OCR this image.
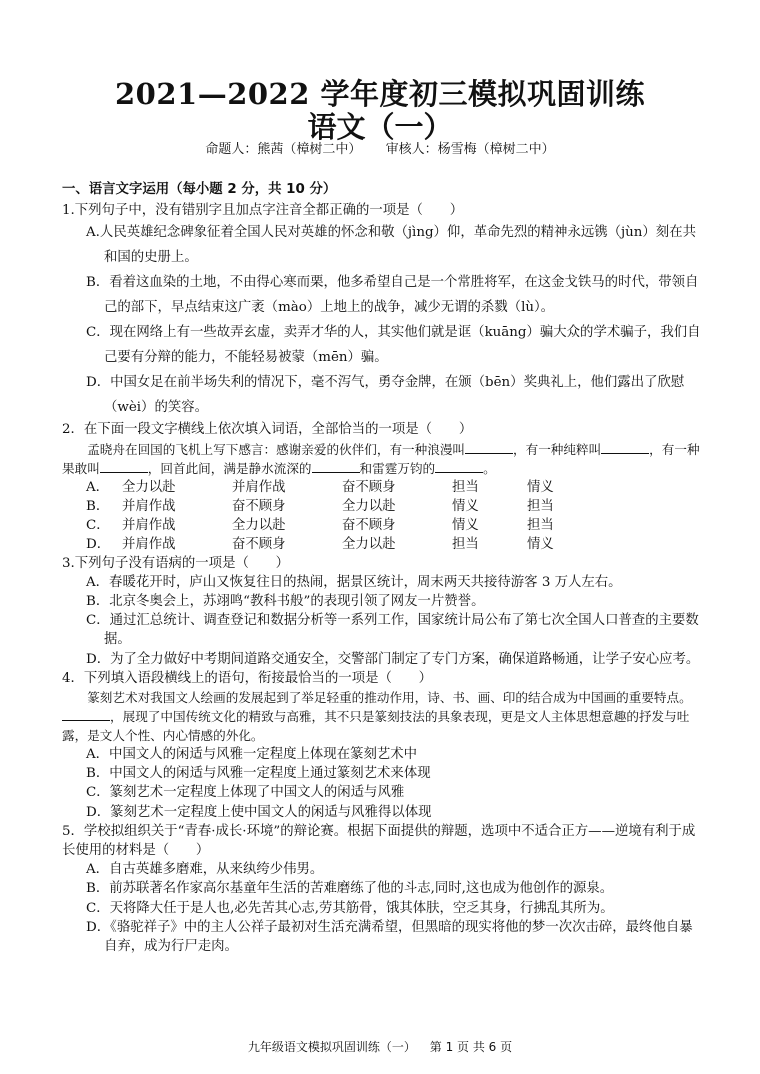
2021—2022 学年度初三模拟巩固训练
语文（一）
命题人：熊茜（樟树二中） 审核人：杨雪梅（樟树二中）
一、语言文字运用（每小题 2 分，共 10 分）

1.下列句子中，没有错别字且加点字注音全都正确的一项是（　　）

A.人民英雄纪念碑象征着全国人民对英雄的怀念和敬（jìng）仰，革命先烈的精神永远镌（jùn）刻在共和国的史册上。
B．看着这血染的土地，不由得心寒而栗，他多希望自己是一个常胜将军，在这金戈铁马的时代，带领自己的部下，早点结束这广袤（mào）上地上的战争，减少无谓的杀戮（lù）。
C．现在网络上有一些故弄玄虚，卖弄才华的人，其实他们就是诓（kuāng）骗大众的学术骗子，我们自己要有分辩的能力，不能轻易被蒙（mēn）骗。
D．中国女足在前半场失利的情况下，毫不泻气，勇夺金牌，在颁（bēn）奖典礼上，他们露出了欣慰（wèi）的笑容。

2．在下面一段文字横线上依次填入词语，全部恰当的一项是（　　）

孟晓舟在回国的飞机上写下感言：感谢亲爱的伙伴们，有一种浪漫叫	，有一种纯粹叫	，有一种果敢叫	，回首此间，满是静水流深的	和雷霆万钧的	。
A． 全力以赴	并肩作战	奋不顾身	担当	情义
B． 并肩作战	奋不顾身	全力以赴	情义	担当
C． 并肩作战	全力以赴	奋不顾身	情义	担当
D． 并肩作战	奋不顾身	全力以赴	担当	情义

3.下列句子没有语病的一项是（　　）

A．春暖花开时，庐山又恢复往日的热闹，据景区统计，周末两天共接待游客 3 万人左右。
B．北京冬奥会上，苏翊鸣“教科书般”的表现引领了网友一片赞誉。
C．通过汇总统计、调查登记和数据分析等一系列工作，国家统计局公布了第七次全国人口普查的主要数据。
D．为了全力做好中考期间道路交通安全，交警部门制定了专门方案，确保道路畅通，让学子安心应考。

4．下列填入语段横线上的语句，衔接最恰当的一项是（　　）

篆刻艺术对我国文人绘画的发展起到了举足轻重的推动作用，诗、书、画、印的结合成为中国画的重要特点。，展现了中国传统文化的精致与高雅，其不只是篆刻技法的具象表现，更是文人主体思想意趣的抒发与吐露，是文人个性、内心情感的外化。
A．中国文人的闲适与风雅一定程度上体现在篆刻艺术中
B．中国文人的闲适与风雅一定程度上通过篆刻艺术来体现
C．篆刻艺术一定程度上体现了中国文人的闲适与风雅
D．篆刻艺术一定程度上使中国文人的闲适与风雅得以体现

5．学校拟组织关于“青春·成长·环境”的辩论赛。根据下面提供的辩题，选项中不适合正方——逆境有利于成长使用的材料是（　　）

A．自古英雄多磨难，从来纨绔少伟男。
B．前苏联著名作家高尔基童年生活的苦难磨练了他的斗志,同时,这也成为他创作的源泉。
C．天将降大任于是人也,必先苦其心志,劳其筋骨，饿其体肤，空乏其身，行拂乱其所为。
D．《骆驼祥子》中的主人公祥子最初对生活充满希望，但黑暗的现实将他的梦一次次击碎，最终他自暴自弃，成为行尸走肉。
九年级语文模拟巩固训练（一） 第 1 页 共 6 页
